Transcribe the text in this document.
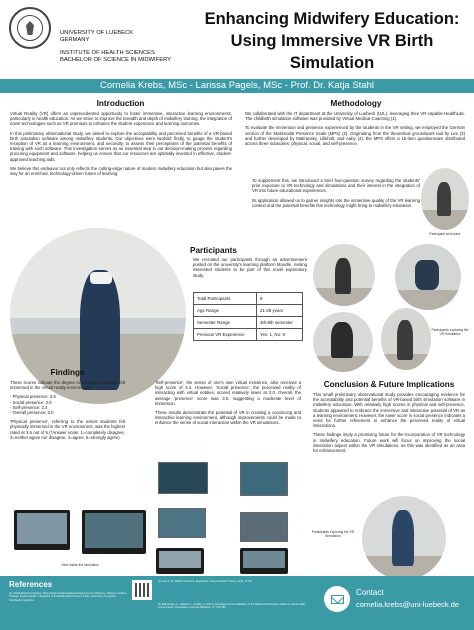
UNIVERSITY OF LUEBECK

GERMANY

INSTITUTE OF HEALTH SCIENCES

BACHELOR OF SCIENCE IN MIDWIFERY

Enhancing Midwifery Education:
Using Immersive VR Birth
Simulation
Cornelia Krebs, MSc - Larissa Pagels, MSc - Prof. Dr. Katja Stahl
Introduction

Virtual Reality (VR) offers an unprecedented opportunity to foster immersive, interactive learning environments, particularly in health education. As we strive to improve the breadth and depth of midwifery training, the integration of novel technologies such as VR promises to enhance the student experience and learning outcomes.

In this preliminary observational study, we aimed to explore the acceptability and perceived benefits of a VR-based birth simulation software among midwifery students. Our objectives were twofold: firstly, to gauge the student's reception of VR as a learning environment, and secondly, to assess their perceptions of the potential benefits of training with such software. This investigation serves as an essential step in our decision-making process regarding procuring equipment and software, helping us ensure that our resources are optimally invested in effective, student-approved teaching aids.

We believe this endeavor not only reflects the cutting-edge nature of modern midwifery education but also paves the way for an enriched, technology-driven future of learning.

Methodology

We collaborated with the IT department at the University of Luebeck (UzL), leveraging their VR-capable HealthLab. The childbirth simulation software was provided by Virtual Medical Coaching (1).

To evaluate the immersion and presence experienced by the students in the VR setting, we employed the German version of the Multimodal Presence Scale (MPS) (2). Originating from the theoretical groundwork laid by Lee (3) and further developed by Makransky, Lilleholt, and Aaby (4), the MPS offers a 15-item questionnaire distributed across three subscales: physical, social, and self-presence.

To supplement this, we introduced a brief four-question survey regarding the students' prior exposure to VR technology and simulations and their interest in the integration of VR into future educational experiences.

Its application allowed us to garner insights into the immersive quality of the VR learning context and the potential benefits this technology might bring to midwifery education.

Participant at lecturer
Participants
We recruited our participants through an advertisement posted on the university's learning platform Moodle, inviting interested students to be part of this novel exploratory study.
Total Participants	9
Age Range	21-28 years
Semester Range	4th-8th semester
Previous VR Experience	Yes: 1, No: 8
Participants exploring the VR Simulation
Findings

These scores indicate the degree to which the students felt immersed in the virtual reality environment.

- Physical presence: 3.6
- Social presence: 2.0
- Self-presence: 3.4
- Overall presence: 3.0

'Physical presence', referring to the extent students felt physically immersed in the VR environment, was the highest rated at 3.6 out of 5 (*Answer scale: 1=completely disagree, 3=neither agree nor disagree, 4=agree, 5=strongly agree).

'Self-presence', the sense of one's own virtual existence, also received a high score of 3.4. However, 'Social presence', the perceived reality of interacting with virtual entities, scored relatively lower at 2.0. Overall, the average 'presence' score was 3.0, suggesting a moderate level of immersion.

These results demonstrate the potential of VR in creating a convincing and interactive learning environment, although improvements could be made to enhance the sense of social interaction within the VR simulations.

View inside the simulation
Conclusion & Future Implications

This small preliminary observational study provides encouraging evidence for the acceptability and potential benefits of VR-based birth simulation software in midwifery education. With relatively high scores in physical and self-presence, students appeared to embrace the immersive and interactive potential of VR as a learning environment. However, the lower score in social presence indicates a need for further refinement to enhance the perceived reality of virtual interactions.

These findings imply a promising future for the incorporation of VR technology in midwifery education. Future work will focus on improving the social interaction aspect within the VR simulations, as this was identified as an area for enhancement.

Participants exploring the VR Simulation
References
(1) Virtual Medical Coaching. https://www.virtualmedicalcoaching.com/ (2) Volkmann, Wessel, Jochims, Thomas: Franke (2018): Translation of the Multimodal Presence Scale. University of Luebeck. http://www.mpsrkit.de
(3) Lee, K. M. (2004). Presence, Explicated. Communication Theory, 14(1), 27-50.
(4) Makransky, G., Lilleholt, L., & Aaby, A. (2017). Development and validation of the Multimodal Presence Scale for virtual reality environments. Computers in Human Behavior, 72, 276-285.
Contact
cornelia.krebs@uni-luebeck.de
